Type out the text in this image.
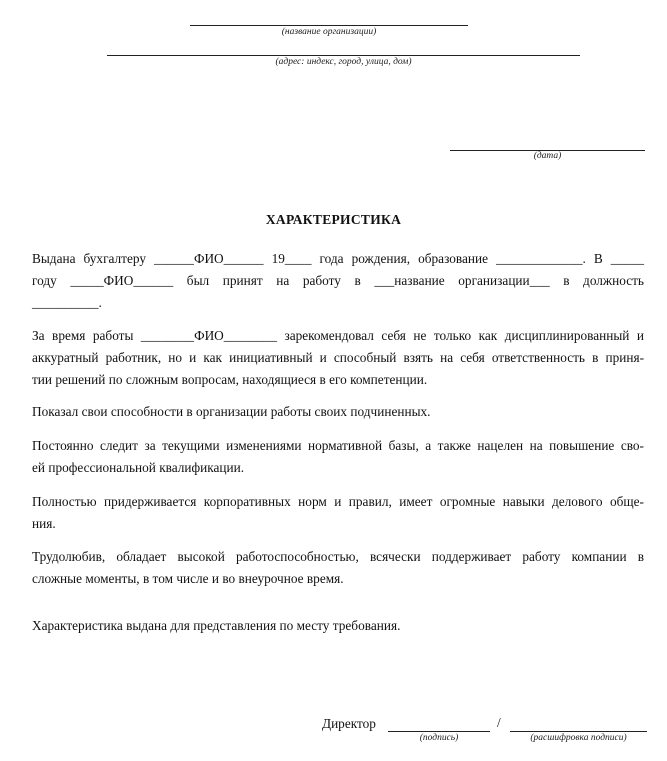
(название организации)
(адрес: индекс, город, улица, дом)
(дата)
ХАРАКТЕРИСТИКА
Выдана бухгалтеру ______ФИО______ 19____ года рождения, образование _____________. В _____
году _____ФИО______ был принят на работу в ___название организации___ в должность
__________.
За время работы ________ФИО________ зарекомендовал себя не только как дисциплинированный и
аккуратный работник, но и как инициативный и способный взять на себя ответственность в приня-
тии решений по сложным вопросам, находящиеся в его компетенции.
Показал свои способности в организации работы своих подчиненных.
Постоянно следит за текущими изменениями нормативной базы, а также нацелен на повышение сво-
ей профессиональной квалификации.
Полностью придерживается корпоративных норм и правил, имеет огромные навыки делового обще-
ния.
Трудолюбив, обладает высокой работоспособностью, всячески поддерживает работу компании в
сложные моменты, в том числе и во внеурочное время.
Характеристика выдана для представления по месту требования.
Директор	/
(подпись)	(расшифровка подписи)
